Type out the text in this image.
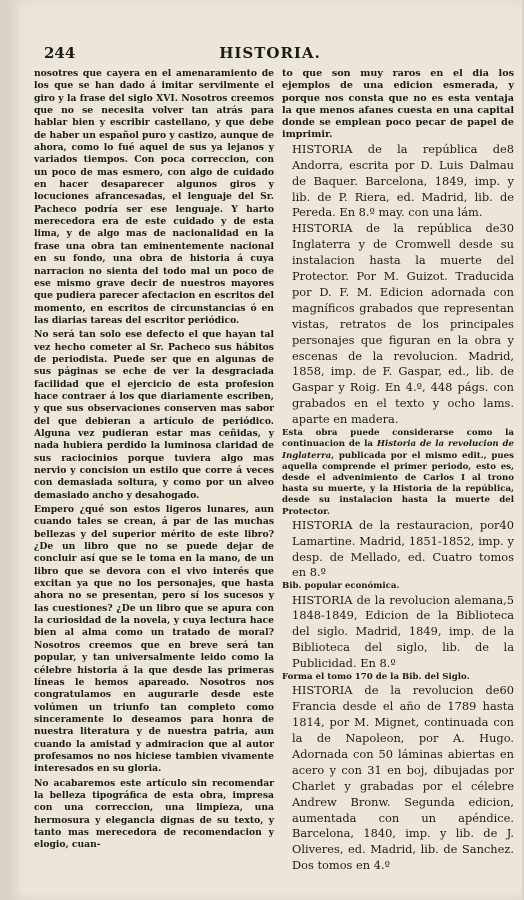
244	HISTORIA.

nosotres que cayera en el amenaramiento de los que se han dado á imitar servilmente el giro y la frase del siglo XVI. Nosotros creemos que no se necesita volver tan atrás para hablar bien y escribir castellano, y que debe de haber un español puro y castizo, aunque de ahora, como lo fué aquel de sus ya lejanos y variados tiempos. Con poca correccion, con un poco de mas esmero, con algo de cuidado en hacer desaparecer algunos giros y locuciones afrancesadas, el lenguaje del Sr. Pacheco podría ser ese lenguaje. Y harto merecedora era de este cuidado y de esta lima, y de algo mas de nacionalidad en la frase una obra tan eminentemente nacional en su fondo, una obra de historia á cuya narracion no sienta del todo mal un poco de ese mismo grave decir de nuestros mayores que pudiera parecer afectacion en escritos del momento, en escritos de circunstancias ó en las diarias tareas del escritor periódico.

No será tan solo ese defecto el que hayan tal vez hecho cometer al Sr. Pacheco sus hábitos de periodista. Puede ser que en algunas de sus páginas se eche de ver la desgraciada facilidad que el ejercicio de esta profesion hace contraer á los que diariamente escriben, y que sus observaciones conserven mas sabor del que debieran a artículo de periódico. Alguna vez pudieran estar mas ceñidas, y nada hubiera perdido la luminosa claridad de sus raciocinios porque tuviera algo mas nervio y concision un estilo que corre á veces con demasiada soltura, y como por un alveo demasiado ancho y desahogado.

Empero ¿qué son estos ligeros lunares, aun cuando tales se crean, á par de las muchas bellezas y del superior mérito de este libro? ¿De un libro que no se puede dejar de concluir así que se le toma en la mano, de un libro que se devora con el vivo interés que excitan ya que no los personajes, que hasta ahora no se presentan, pero sí los sucesos y las cuestiones? ¿De un libro que se apura con la curiosidad de la novela, y cuya lectura hace bien al alma como un tratado de moral? Nosotros creemos que en breve será tan popular, y tan universalmente leido como la célebre historia á la que desde las primeras líneas le hemos apareado. Nosotros nos congratulamos en augurarle desde este volúmen un triunfo tan completo como sinceramente lo deseamos para honra de nuestra literatura y de nuestra patria, aun cuando la amistad y admiracion que al autor profesamos no nos hiciese tambien vivamente interesados en su gloria.

No acabaremos este artículo sin recomendar la belleza tipográfica de esta obra, impresa con una correccion, una limpieza, una hermosura y elegancia dignas de su texto, y tanto mas merecedora de recomendacion y elogio, cuan-

to que son muy raros en el dia los ejemplos de una edicion esmerada, y porque nos consta que no es esta ventaja la que menos afanes cuesta en una capital donde se emplean poco pecar de papel de imprimir.

8
HISTORIA de la república de Andorra, escrita por D. Luis Dalmau de Baquer. Barcelona, 1849, imp. y lib. de P. Riera, ed. Madrid, lib. de Pereda. En 8.º may. con una lám.

30
HISTORIA de la república de Inglaterra y de Cromwell desde su instalacion hasta la muerte del Protector. Por M. Guizot. Traducida por D. F. M. Edicion adornada con magníficos grabados que representan vistas, retratos de los principales personajes que figuran en la obra y escenas de la revolucion. Madrid, 1858, imp. de F. Gaspar, ed., lib. de Gaspar y Roig. En 4.º, 448 págs. con grabados en el texto y ocho lams. aparte en madera.

Esta obra puede considerarse como la continuacion de la Historia de la revolucion de Inglaterra, publicada por el mismo edit., pues aquella comprende el primer periodo, esto es, desde el advenimiento de Carlos I al trono hasta su muerte, y la Historia de la república, desde su instalacion hasta la muerte del Protector.

40
HISTORIA de la restauracion, por Lamartine. Madrid, 1851-1852, imp. y desp. de Mellado, ed. Cuatro tomos en 8.º

Bib. popular económica.

5
HISTORIA de la revolucion alemana, 1848-1849, Edicion de la Biblioteca del siglo. Madrid, 1849, imp. de la Biblioteca del siglo, lib. de la Publicidad. En 8.º

Forma el tomo 170 de la Bib. del Siglo.

60
HISTORIA de la revolucion de Francia desde el año de 1789 hasta 1814, por M. Mignet, continuada con la de Napoleon, por A. Hugo. Adornada con 50 láminas abiertas en acero y con 31 en boj, dibujadas por Charlet y grabadas por el célebre Andrew Bronw. Segunda edicion, aumentada con un apéndice. Barcelona, 1840, imp. y lib. de J. Oliveres, ed. Madrid, lib. de Sanchez. Dos tomos en 4.º
